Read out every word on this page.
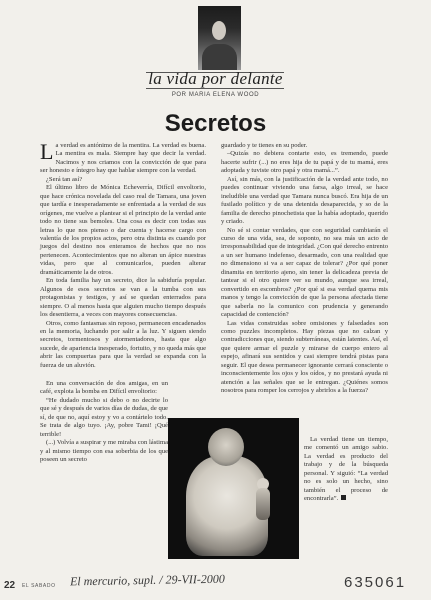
la vida por delante
POR MARIA ELENA WOOD
Secretos

La verdad es antónimo de la mentira. La verdad es buena. La mentira es mala. Siempre hay que decir la verdad. Nacimos y nos criamos con la convicción de que para ser honesto e íntegro hay que hablar siempre con la verdad.

¿Será tan así?

El último libro de Mónica Echeverría, Difícil envoltorio, que hace crónica novelada del caso real de Tamara, una joven que tardía e inesperadamente se enfrentada a la verdad de sus orígenes, me vuelve a plantear si el principio de la verdad ante todo no tiene sus bemoles. Una cosa es decir con todas sus letras lo que nos pienso o dar cuenta y hacerse cargo con valentía de los propios actos, pero otra distinta es cuando por juegos del destino nos enteramos de hechos que no nos pertenecen. Acontecimientos que no alteran un ápice nuestras vidas, pero que al comunicarlos, pueden alterar dramáticamente la de otros.

En toda familia hay un secreto, dice la sabiduría popular. Algunos de esos secretos se van a la tumba con sus protagonistas y testigos, y así se quedan enterrados para siempre. O al menos hasta que alguien mucho tiempo después los desentierra, a veces con mayores consecuencias.

Otros, como fantasmas sin reposo, permanecen encadenados en la memoria, luchando por salir a la luz. Y siguen siendo secretos, tormentosos y atormentadores, hasta que algo sucede, de apariencia inesperado, fortuito, y no queda más que abrir las compuertas para que la verdad se expanda con la fuerza de un aluvión.

En una conversación de dos amigas, en un café, explota la bomba en Difícil envoltorio:

“He dudado mucho si debo o no decirte lo que sé y después de varios días de dudas, de que sí, de que no, aquí estoy y vo a contártelo todo. Se trata de algo tuyo. ¡Ay, pobre Tami! ¡Qué terrible!

(...) Volvía a suspirar y me miraba con lástima y al mismo tiempo con esa soberbia de los que poseen un secreto

guardado y te tienes en su poder.

–Quizás no debiera contarte esto, es tremendo, puede hacerte sufrir (...) no eres hija de tu papá y de tu mamá, eres adoptada y tuviste otro papá y otra mamá...”.

Así, sin más, con la justificación de la verdad ante todo, no puedes continuar viviendo una farsa, algo irreal, se hace ineludible una verdad que Tamara nunca buscó. Era hija de un fusilado político y de una detenida desaparecida, y so de la familia de derecho pinochetista que la había adoptado, querido y criado.

No sé si contar verdades, que con seguridad cambiarán el curso de una vida, sea, de soponto, no sea más un acto de irresponsabilidad que de integridad. ¿Con qué derecho entrento a un ser humano indefenso, desarmado, con una realidad que no dimensiono si va a ser capaz de tolerar? ¿Por qué poner dinamita en territorio ajeno, sin tener la delicadeza previa de tantear si el otro quiere ver su mundo, aunque sea irreal, convertido en escombros? ¿Por qué si esa verdad quema mis manos y tengo la convicción de que la persona afectada tiene que saberla no la comunico con prudencia y generando capacidad de contención?

Las vidas construidas sobre omisiones y falsedades son como puzzles incompletos. Hay piezas que no calzan y contradicciones que, siendo subterráneas, están latentes. Así, el que quiere armar el puzzle y mirarse de cuerpo entero al espejo, afinará sus sentidos y casi siempre tendrá pistas para seguir. El que desea permanecer ignorante cerrará consciente o inconscientemente los ojos y los oídos, y no prestará ayuda ni atención a las señales que se le entregan. ¿Quiénes somos nosotros para romper los cerrojos y abrirlos a la fuerza?

La verdad tiene un tiempo, me comentó un amigo sabio. La verdad es producto del trabajo y de la búsqueda personal. Y siguió: “La verdad no es solo un hecho, sino también el proceso de encontrarla”.

22 EL SABADO El mercurio, supl. / 29-VII-2000	635061
